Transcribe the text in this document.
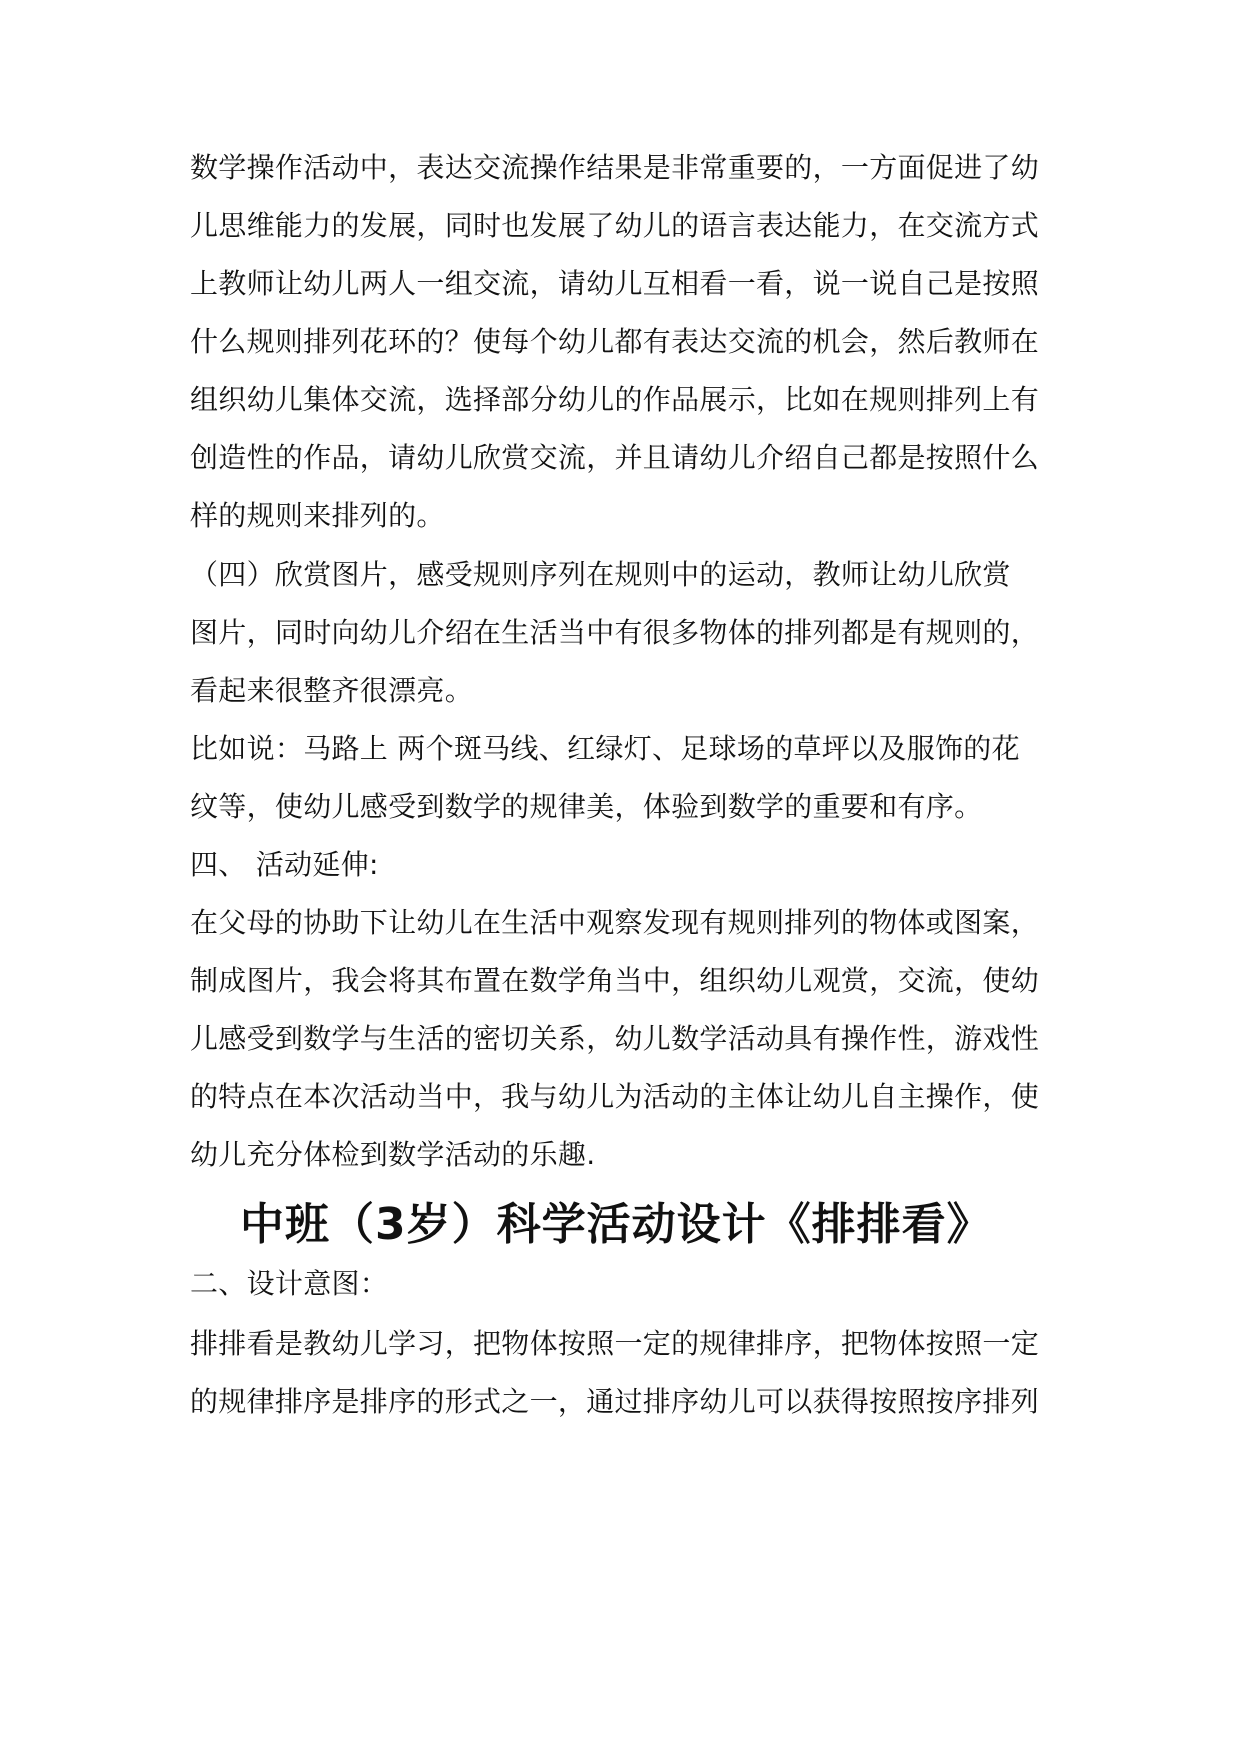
数学操作活动中，表达交流操作结果是非常重要的，一方面促进了幼
儿思维能力的发展，同时也发展了幼儿的语言表达能力，在交流方式
上教师让幼儿两人一组交流，请幼儿互相看一看，说一说自己是按照
什么规则排列花环的？使每个幼儿都有表达交流的机会，然后教师在
组织幼儿集体交流，选择部分幼儿的作品展示，比如在规则排列上有
创造性的作品，请幼儿欣赏交流，并且请幼儿介绍自己都是按照什么
样的规则来排列的。
（四）欣赏图片，感受规则序列在规则中的运动，教师让幼儿欣赏
图片，同时向幼儿介绍在生活当中有很多物体的排列都是有规则的，
看起来很整齐很漂亮。
比如说：马路上 两个斑马线、红绿灯、足球场的草坪以及服饰的花
纹等，使幼儿感受到数学的规律美，体验到数学的重要和有序。
四、 活动延伸:
在父母的协助下让幼儿在生活中观察发现有规则排列的物体或图案，
制成图片，我会将其布置在数学角当中，组织幼儿观赏，交流，使幼
儿感受到数学与生活的密切关系，幼儿数学活动具有操作性，游戏性
的特点在本次活动当中，我与幼儿为活动的主体让幼儿自主操作，使
幼儿充分体检到数学活动的乐趣.
中班（3岁）科学活动设计《排排看》
二、设计意图：
排排看是教幼儿学习，把物体按照一定的规律排序，把物体按照一定
的规律排序是排序的形式之一，通过排序幼儿可以获得按照按序排列
